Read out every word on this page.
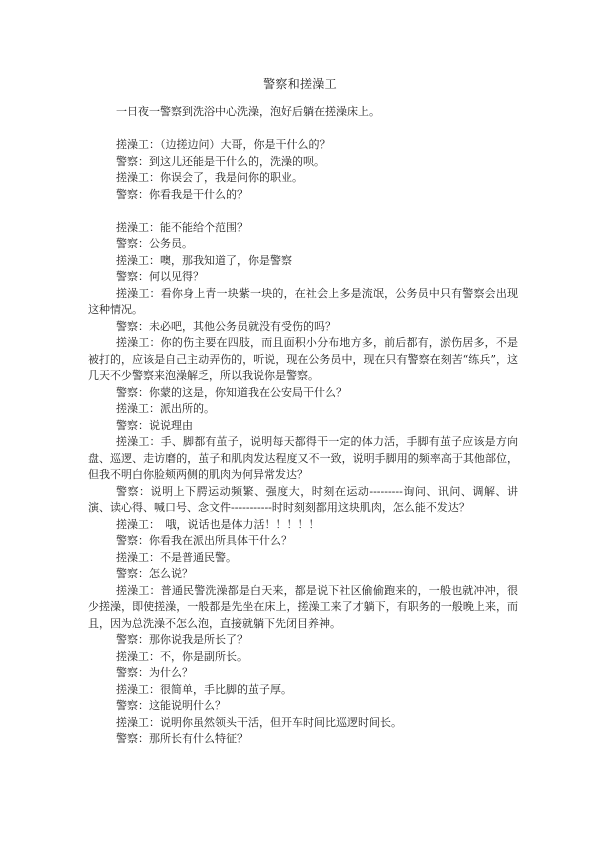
警察和搓澡工

一日夜一警察到洗浴中心洗澡，泡好后躺在搓澡床上。

搓澡工：（边搓边问）大哥，你是干什么的？

警察：到这儿还能是干什么的，洗澡的呗。

搓澡工：你误会了，我是问你的职业。

警察：你看我是干什么的？

搓澡工：能不能给个范围？

警察：公务员。

搓澡工：噢，那我知道了，你是警察

警察：何以见得？

搓澡工：看你身上青一块紫一块的，在社会上多是流氓，公务员中只有警察会出现这种情况。

警察：未必吧，其他公务员就没有受伤的吗？

搓澡工：你的伤主要在四肢，而且面积小分布地方多，前后都有，淤伤居多，不是被打的，应该是自己主动弄伤的，听说，现在公务员中，现在只有警察在刻苦“练兵”，这几天不少警察来泡澡解乏，所以我说你是警察。

警察：你蒙的这是，你知道我在公安局干什么？

搓澡工：派出所的。

警察：说说理由

搓澡工：手、脚都有茧子，说明每天都得干一定的体力活，手脚有茧子应该是方向盘、巡逻、走访磨的，茧子和肌肉发达程度又不一致，说明手脚用的频率高于其他部位，但我不明白你脸颊两侧的肌肉为何异常发达？

警察：说明上下腭运动频繁、强度大，时刻在运动---------询问、讯问、调解、讲演、读心得、喊口号、念文件-----------时时刻刻都用这块肌肉，怎么能不发达？

搓澡工：　哦，说话也是体力活！！！！！

警察：你看我在派出所具体干什么？

搓澡工：不是普通民警。

警察：怎么说？

搓澡工：普通民警洗澡都是白天来，都是说下社区偷偷跑来的，一般也就冲冲，很少搓澡，即使搓澡，一般都是先坐在床上，搓澡工来了才躺下，有职务的一般晚上来，而且，因为总洗澡不怎么泡，直接就躺下先闭目养神。

警察：那你说我是所长了？

搓澡工：不，你是副所长。

警察：为什么？

搓澡工：很简单，手比脚的茧子厚。

警察：这能说明什么？

搓澡工：说明你虽然领头干活，但开车时间比巡逻时间长。

警察：那所长有什么特征？
